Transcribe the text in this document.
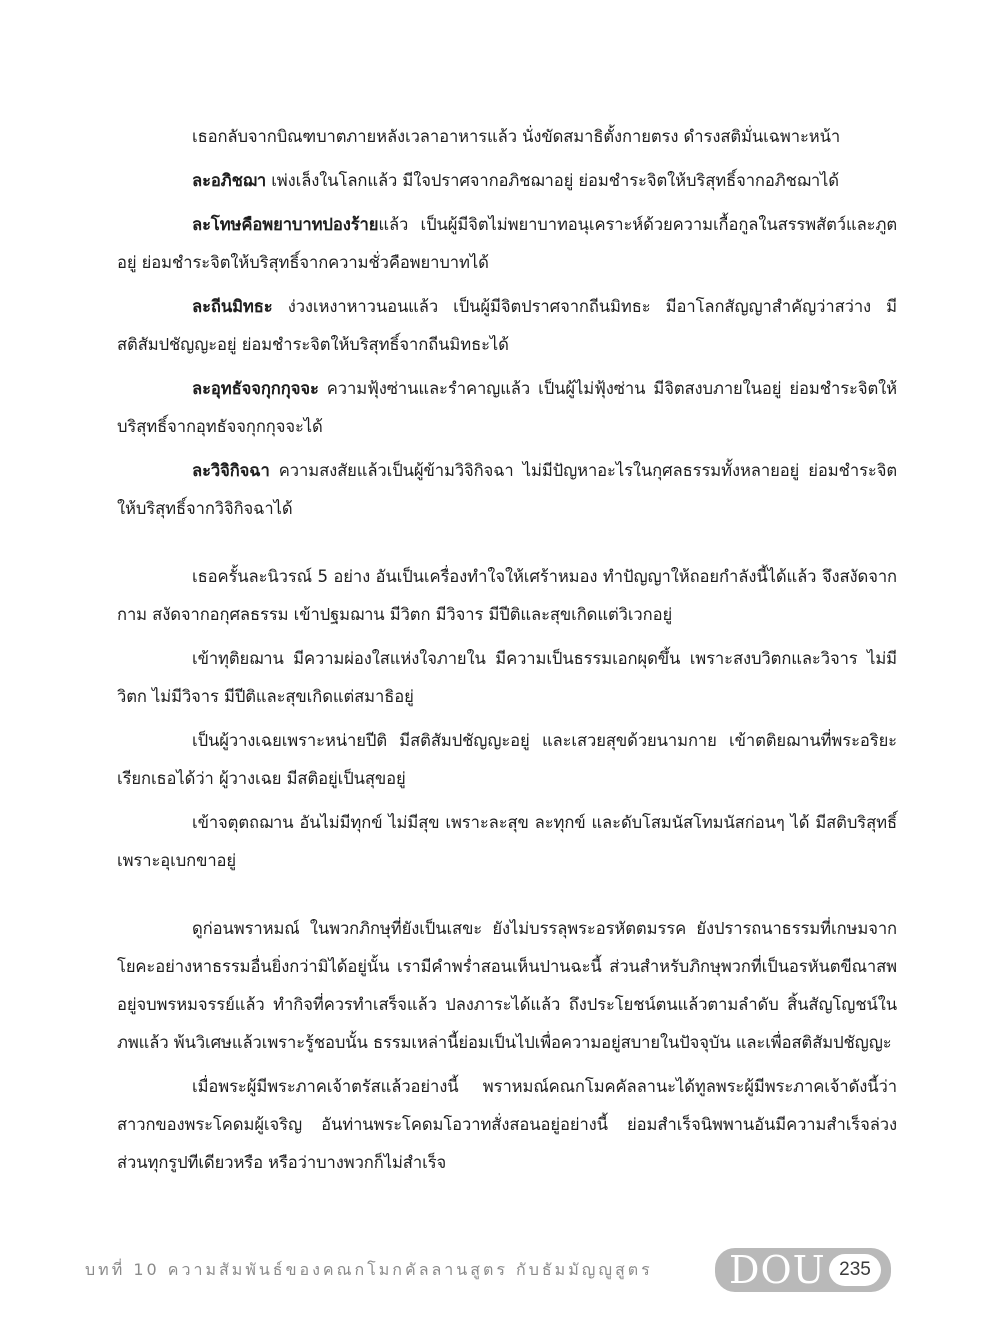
เธอกลับจากบิณฑบาตภายหลังเวลาอาหารแล้ว นั่งขัดสมาธิตั้งกายตรง ดำรงสติมั่นเฉพาะหน้า

ละอภิชฌา เพ่งเล็งในโลกแล้ว มีใจปราศจากอภิชฌาอยู่ ย่อมชำระจิตให้บริสุทธิ์จากอภิชฌาได้

ละโทษคือพยาบาทปองร้ายแล้ว เป็นผู้มีจิตไม่พยาบาทอนุเคราะห์ด้วยความเกื้อกูลในสรรพสัตว์และภูตอยู่ ย่อมชำระจิตให้บริสุทธิ์จากความชั่วคือพยาบาทได้

ละถีนมิทธะ ง่วงเหงาหาวนอนแล้ว เป็นผู้มีจิตปราศจากถีนมิทธะ มีอาโลกสัญญาสำคัญว่าสว่าง มีสติสัมปชัญญะอยู่ ย่อมชำระจิตให้บริสุทธิ์จากถีนมิทธะได้

ละอุทธัจจกุกกุจจะ ความฟุ้งซ่านและรำคาญแล้ว เป็นผู้ไม่ฟุ้งซ่าน มีจิตสงบภายในอยู่ ย่อมชำระจิตให้บริสุทธิ์จากอุทธัจจกุกกุจจะได้

ละวิจิกิจฉา ความสงสัยแล้วเป็นผู้ข้ามวิจิกิจฉา ไม่มีปัญหาอะไรในกุศลธรรมทั้งหลายอยู่ ย่อมชำระจิตให้บริสุทธิ์จากวิจิกิจฉาได้

เธอครั้นละนิวรณ์ 5 อย่าง อันเป็นเครื่องทำใจให้เศร้าหมอง ทำปัญญาให้ถอยกำลังนี้ได้แล้ว จึงสงัดจากกาม สงัดจากอกุศลธรรม เข้าปฐมฌาน มีวิตก มีวิจาร มีปีติและสุขเกิดแต่วิเวกอยู่

เข้าทุติยฌาน มีความผ่องใสแห่งใจภายใน มีความเป็นธรรมเอกผุดขึ้น เพราะสงบวิตกและวิจาร ไม่มีวิตก ไม่มีวิจาร มีปีติและสุขเกิดแต่สมาธิอยู่

เป็นผู้วางเฉยเพราะหน่ายปีติ มีสติสัมปชัญญะอยู่ และเสวยสุขด้วยนามกาย เข้าตติยฌานที่พระอริยะเรียกเธอได้ว่า ผู้วางเฉย มีสติอยู่เป็นสุขอยู่

เข้าจตุตถฌาน อันไม่มีทุกข์ ไม่มีสุข เพราะละสุข ละทุกข์ และดับโสมนัสโทมนัสก่อนๆ ได้ มีสติบริสุทธิ์เพราะอุเบกขาอยู่

ดูก่อนพราหมณ์ ในพวกภิกษุที่ยังเป็นเสขะ ยังไม่บรรลุพระอรหัตตมรรค ยังปรารถนาธรรมที่เกษมจากโยคะอย่างหาธรรมอื่นยิ่งกว่ามิได้อยู่นั้น เรามีคำพร่ำสอนเห็นปานฉะนี้ ส่วนสำหรับภิกษุพวกที่เป็นอรหันตขีณาสพ อยู่จบพรหมจรรย์แล้ว ทำกิจที่ควรทำเสร็จแล้ว ปลงภาระได้แล้ว ถึงประโยชน์ตนแล้วตามลำดับ สิ้นสัญโญชน์ในภพแล้ว พ้นวิเศษแล้วเพราะรู้ชอบนั้น ธรรมเหล่านี้ย่อมเป็นไปเพื่อความอยู่สบายในปัจจุบัน และเพื่อสติสัมปชัญญะ

เมื่อพระผู้มีพระภาคเจ้าตรัสแล้วอย่างนี้ พราหมณ์คณกโมคคัลลานะได้ทูลพระผู้มีพระภาคเจ้าดังนี้ว่า สาวกของพระโคดมผู้เจริญ อันท่านพระโคดมโอวาทสั่งสอนอยู่อย่างนี้ ย่อมสำเร็จนิพพานอันมีความสำเร็จล่วงส่วนทุกรูปทีเดียวหรือ หรือว่าบางพวกก็ไม่สำเร็จ

บทที่ 10 ความสัมพันธ์ของคณกโมกคัลลานสูตร กับธัมมัญญูสูตร DOU 235
